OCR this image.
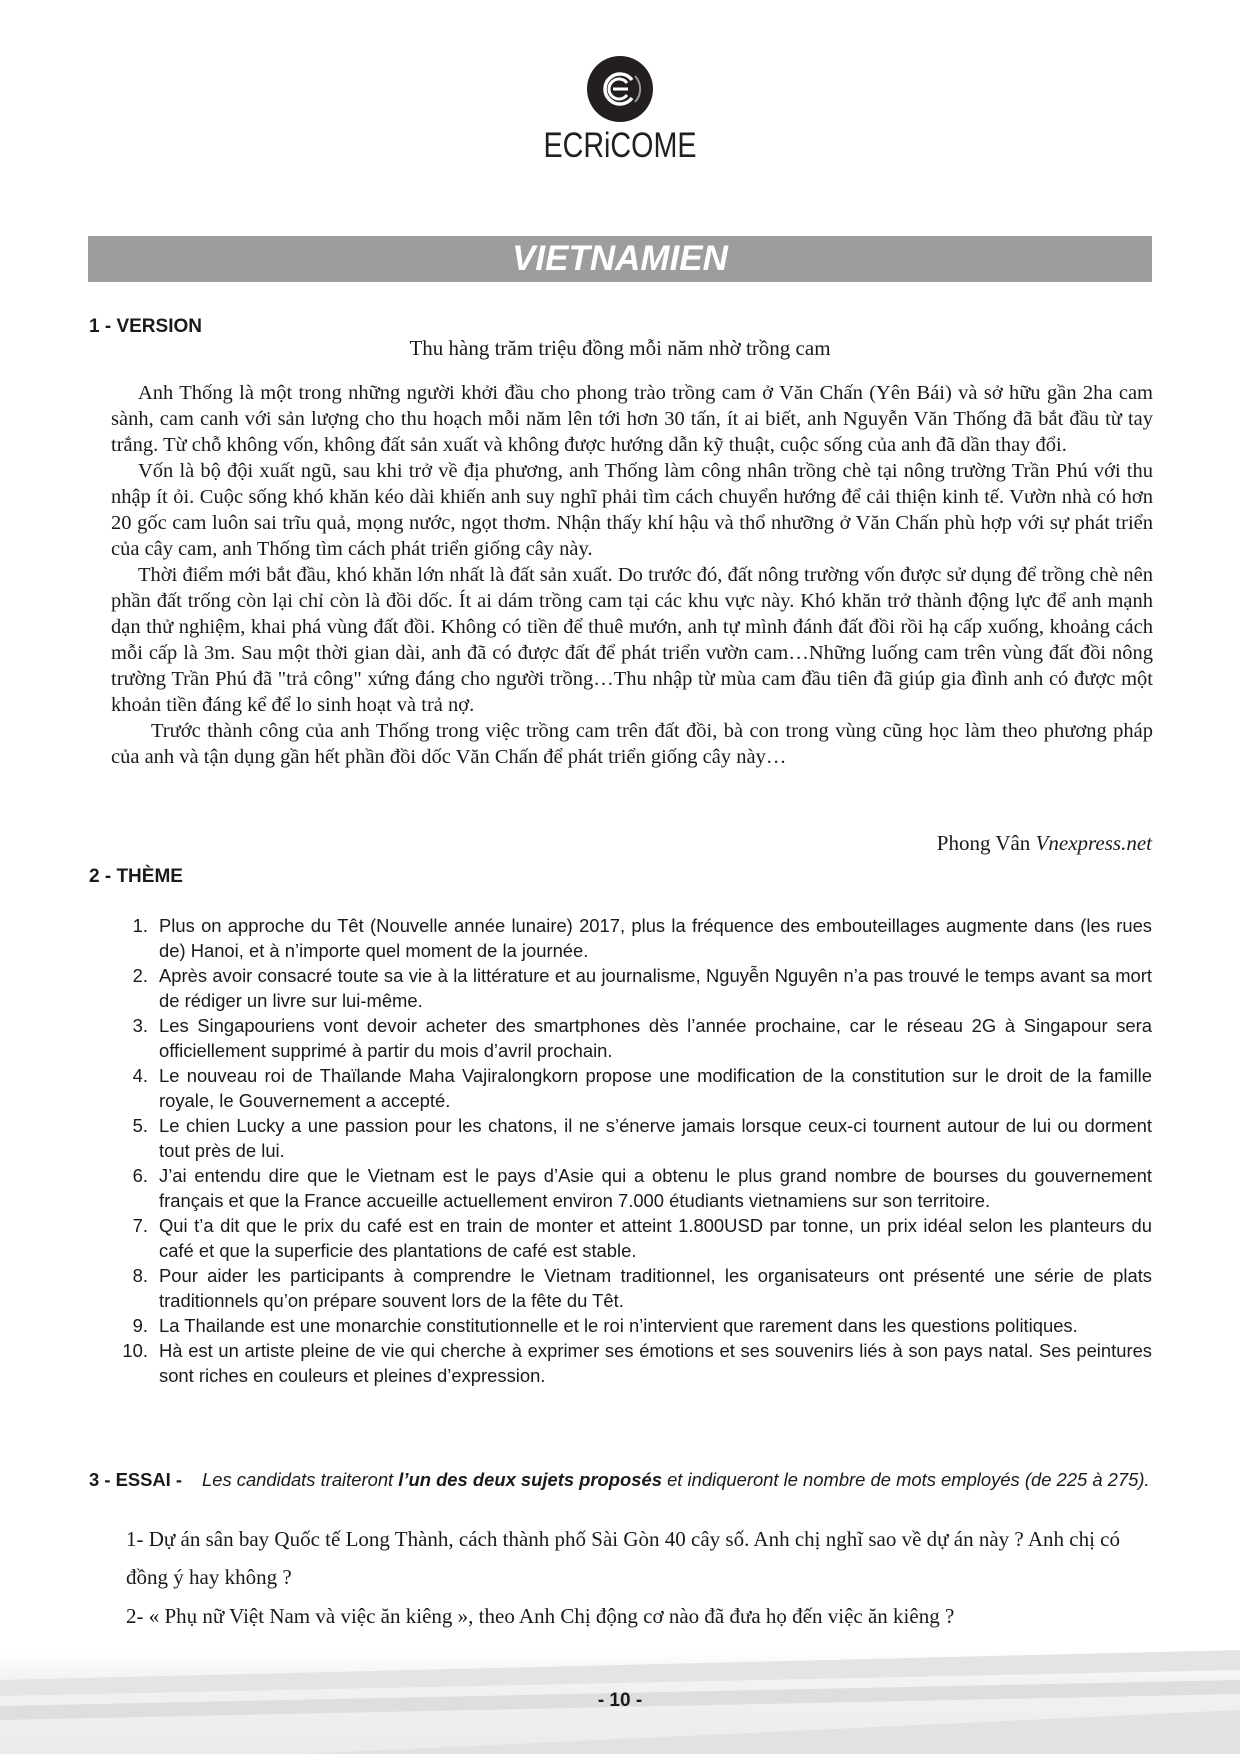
ECRiCOME
VIETNAMIEN
1 - VERSION
Thu hàng trăm triệu đồng mỗi năm nhờ trồng cam

Anh Thống là một trong những người khởi đầu cho phong trào trồng cam ở Văn Chấn (Yên Bái) và sở hữu gần 2ha cam sành, cam canh với sản lượng cho thu hoạch mỗi năm lên tới hơn 30 tấn, ít ai biết, anh Nguyễn Văn Thống đã bắt đầu từ tay trắng. Từ chỗ không vốn, không đất sản xuất và không được hướng dẫn kỹ thuật, cuộc sống của anh đã dần thay đổi.

Vốn là bộ đội xuất ngũ, sau khi trở về địa phương, anh Thống làm công nhân trồng chè tại nông trường Trần Phú với thu nhập ít ỏi. Cuộc sống khó khăn kéo dài khiến anh suy nghĩ phải tìm cách chuyển hướng để cải thiện kinh tế. Vườn nhà có hơn 20 gốc cam luôn sai trĩu quả, mọng nước, ngọt thơm. Nhận thấy khí hậu và thổ nhưỡng ở Văn Chấn phù hợp với sự phát triển của cây cam, anh Thống tìm cách phát triển giống cây này.

Thời điểm mới bắt đầu, khó khăn lớn nhất là đất sản xuất. Do trước đó, đất nông trường vốn được sử dụng để trồng chè nên phần đất trống còn lại chỉ còn là đồi dốc. Ít ai dám trồng cam tại các khu vực này. Khó khăn trở thành động lực để anh mạnh dạn thử nghiệm, khai phá vùng đất đồi. Không có tiền để thuê mướn, anh tự mình đánh đất đồi rồi hạ cấp xuống, khoảng cách mỗi cấp là 3m. Sau một thời gian dài, anh đã có được đất để phát triển vườn cam…Những luống cam trên vùng đất đồi nông trường Trần Phú đã "trả công" xứng đáng cho người trồng…Thu nhập từ mùa cam đầu tiên đã giúp gia đình anh có được một khoản tiền đáng kể để lo sinh hoạt và trả nợ.

Trước thành công của anh Thống trong việc trồng cam trên đất đồi, bà con trong vùng cũng học làm theo phương pháp của anh và tận dụng gần hết phần đồi dốc Văn Chấn để phát triển giống cây này…

Phong Vân Vnexpress.net
2 - THÈME
1. Plus on approche du Têt (Nouvelle année lunaire) 2017, plus la fréquence des embouteillages augmente dans (les rues de) Hanoi, et à n’importe quel moment de la journée.
2. Après avoir consacré toute sa vie à la littérature et au journalisme, Nguyễn Nguyên n’a pas trouvé le temps avant sa mort de rédiger un livre sur lui-même.
3. Les Singapouriens vont devoir acheter des smartphones dès l’année prochaine, car le réseau 2G à Singapour sera officiellement supprimé à partir du mois d’avril prochain.
4. Le nouveau roi de Thaïlande Maha Vajiralongkorn propose une modification de la constitution sur le droit de la famille royale, le Gouvernement a accepté.
5. Le chien Lucky a une passion pour les chatons, il ne s’énerve jamais lorsque ceux-ci tournent autour de lui ou dorment tout près de lui.
6. J’ai entendu dire que le Vietnam est le pays d’Asie qui a obtenu le plus grand nombre de bourses du gouvernement français et que la France accueille actuellement environ 7.000 étudiants vietnamiens sur son territoire.
7. Qui t’a dit que le prix du café est en train de monter et atteint 1.800USD par tonne, un prix idéal selon les planteurs du café et que la superficie des plantations de café est stable.
8. Pour aider les participants à comprendre le Vietnam traditionnel, les organisateurs ont présenté une série de plats traditionnels qu’on prépare souvent lors de la fête du Têt.
9. La Thailande est une monarchie constitutionnelle et le roi n’intervient que rarement dans les questions politiques.
10. Hà est un artiste pleine de vie qui cherche à exprimer ses émotions et ses souvenirs liés à son pays natal. Ses peintures sont riches en couleurs et pleines d’expression.
3 - ESSAI -	Les candidats traiteront l’un des deux sujets proposés et indiqueront le nombre de mots employés (de 225 à 275).
1- Dự án sân bay Quốc tế Long Thành, cách thành phố Sài Gòn 40 cây số. Anh chị nghĩ sao về dự án này ? Anh chị có đồng ý hay không ?
2- « Phụ nữ Việt Nam và việc ăn kiêng », theo Anh Chị động cơ nào đã đưa họ đến việc ăn kiêng ?
- 10 -
